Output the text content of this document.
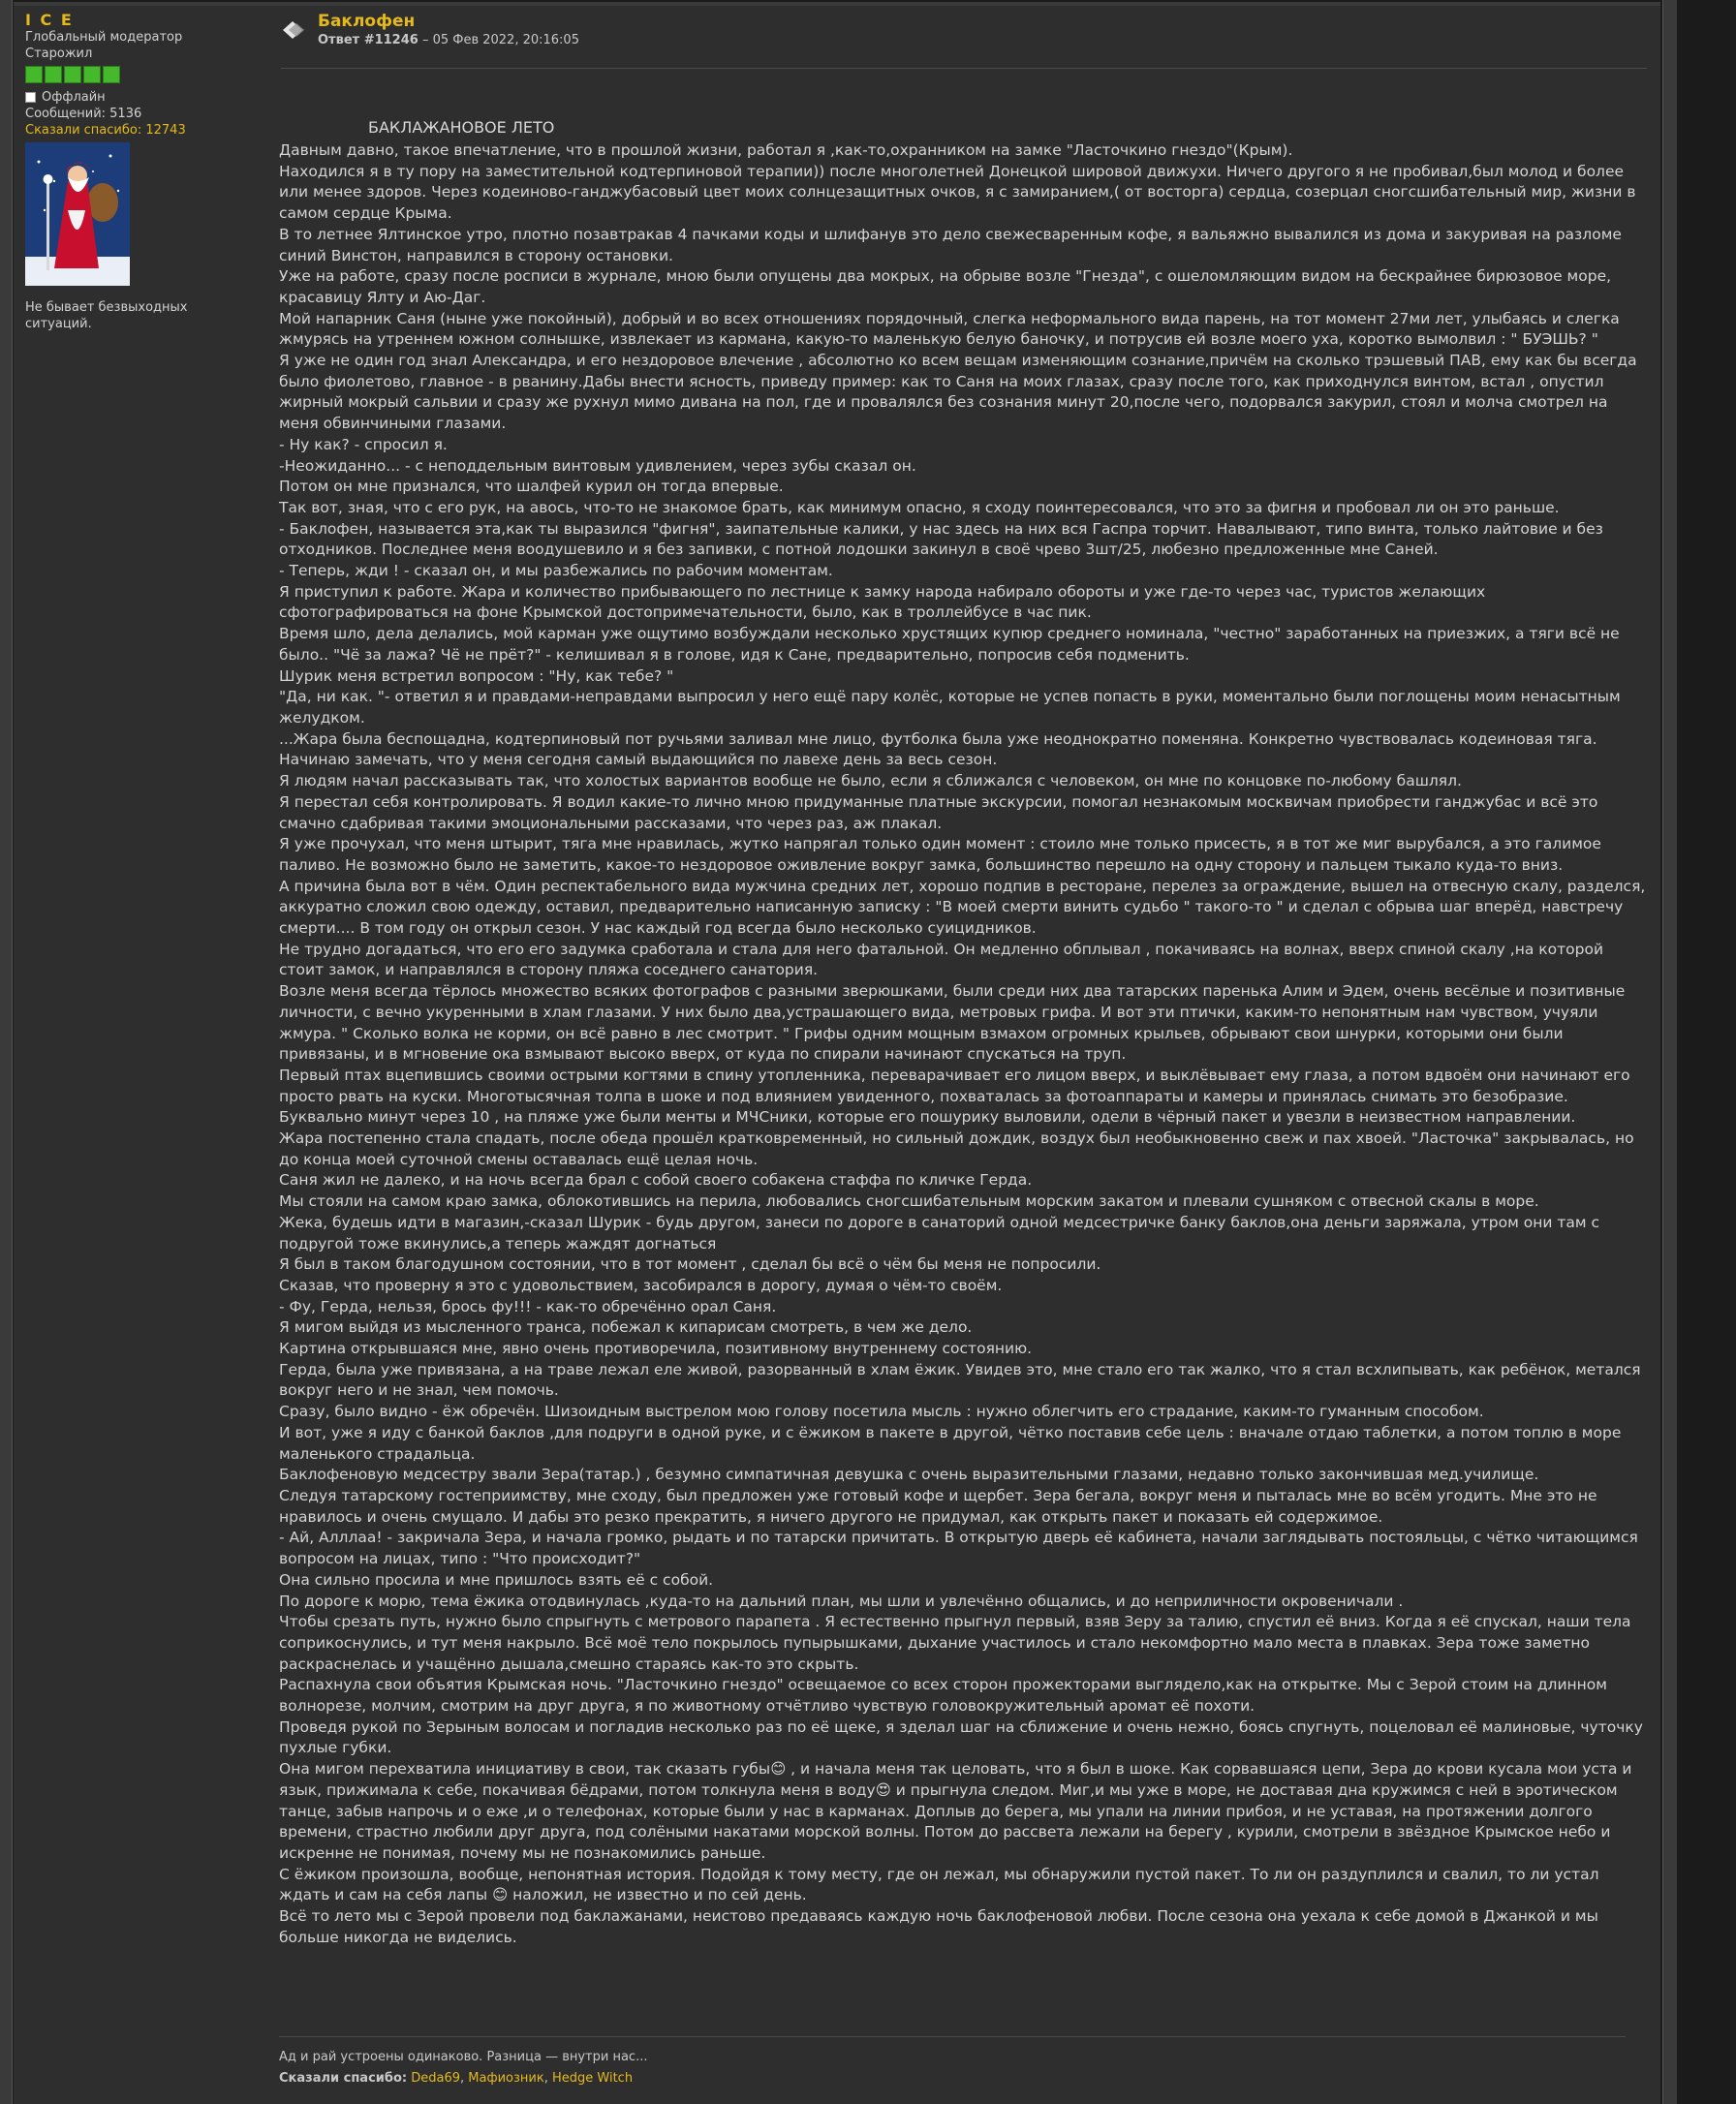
I C E
Глобальный модератор
Старожил
Оффлайн
Сообщений: 5136
Сказали спасибо: 12743
Не бывает безвыходных ситуаций.
Баклофен
Ответ #11246 – 05 Фев 2022, 20:16:05
БАКЛАЖАНОВОЕ ЛЕТО

Давным давно, такое впечатление, что в прошлой жизни, работал я ,как-то,охранником на замке "Ласточкино гнездо"(Крым).

Находился я в ту пору на заместительной кодтерпиновой терапии)) после многолетней Донецкой шировой движухи. Ничего другого я не пробивал,был молод и более или менее здоров. Через кодеиново-ганджубасовый цвет моих солнцезащитных очков, я с замиранием,( от восторга) сердца, созерцал сногсшибательный мир, жизни в самом сердце Крыма.

В то летнее Ялтинское утро, плотно позавтракав 4 пачками коды и шлифанув это дело свежесваренным кофе, я вальяжно вывалился из дома и закуривая на разломе синий Винстон, направился в сторону остановки.

Уже на работе, сразу после росписи в журнале, мною были опущены два мокрых, на обрыве возле "Гнезда", с ошеломляющим видом на бескрайнее бирюзовое море, красавицу Ялту и Аю-Даг.

Мой напарник Саня (ныне уже покойный), добрый и во всех отношениях порядочный, слегка неформального вида парень, на тот момент 27ми лет, улыбаясь и слегка жмурясь на утреннем южном солнышке, извлекает из кармана, какую-то маленькую белую баночку, и потрусив ей возле моего уха, коротко вымолвил : " БУЭШЬ? "

Я уже не один год знал Александра, и его нездоровое влечение , абсолютно ко всем вещам изменяющим сознание,причём на сколько трэшевый ПАВ, ему как бы всегда было фиолетово, главное - в рванину.Дабы внести ясность, приведу пример: как то Саня на моих глазах, сразу после того, как приходнулся винтом, встал , опустил жирный мокрый сальвии и сразу же рухнул мимо дивана на пол, где и провалялся без сознания минут 20,после чего, подорвался закурил, стоял и молча смотрел на меня обвинчиными глазами.

- Ну как? - спросил я.

-Неожиданно... - с неподдельным винтовым удивлением, через зубы сказал он.

Потом он мне признался, что шалфей курил он тогда впервые.

Так вот, зная, что с его рук, на авось, что-то не знакомое брать, как минимум опасно, я сходу поинтересовался, что это за фигня и пробовал ли он это раньше.

- Баклофен, называется эта,как ты выразился "фигня", заипательные калики, у нас здесь на них вся Гаспра торчит. Навалывают, типо винта, только лайтовие и без отходников. Последнее меня воодушевило и я без запивки, с потной лодошки закинул в своё чрево 3шт/25, любезно предложенные мне Саней.

- Теперь, жди ! - сказал он, и мы разбежались по рабочим моментам.

Я приступил к работе. Жара и количество прибывающего по лестнице к замку народа набирало обороты и уже где-то через час, туристов желающих сфотографироваться на фоне Крымской достопримечательности, было, как в троллейбусе в час пик.

Время шло, дела делались, мой карман уже ощутимо возбуждали несколько хрустящих купюр среднего номинала, "честно" заработанных на приезжих, а тяги всё не было.. "Чё за лажа? Чё не прёт?" - келишивал я в голове, идя к Сане, предварительно, попросив себя подменить.

Шурик меня встретил вопросом : "Ну, как тебе? "

"Да, ни как. "- ответил я и правдами-неправдами выпросил у него ещё пару колёс, которые не успев попасть в руки, моментально были поглощены моим ненасытным желудком.

...Жара была беспощадна, кодтерпиновый пот ручьями заливал мне лицо, футболка была уже неоднократно поменяна. Конкретно чувствовалась кодеиновая тяга.

Начинаю замечать, что у меня сегодня самый выдающийся по лавехе день за весь сезон.

Я людям начал рассказывать так, что холостых вариантов вообще не было, если я сближался с человеком, он мне по концовке по-любому башлял.

Я перестал себя контролировать. Я водил какие-то лично мною придуманные платные экскурсии, помогал незнакомым москвичам приобрести ганджубас и всё это смачно сдабривая такими эмоциональными рассказами, что через раз, аж плакал.

Я уже прочухал, что меня штырит, тяга мне нравилась, жутко напрягал только один момент : стоило мне только присесть, я в тот же миг вырубался, а это галимое паливо. Не возможно было не заметить, какое-то нездоровое оживление вокруг замка, большинство перешло на одну сторону и пальцем тыкало куда-то вниз.

А причина была вот в чём. Один респектабельного вида мужчина средних лет, хорошо подпив в ресторане, перелез за ограждение, вышел на отвесную скалу, разделся, аккуратно сложил свою одежду, оставил, предварительно написанную записку : "В моей смерти винить судьбо " такого-то " и сделал с обрыва шаг вперёд, навстречу смерти.... В том году он открыл сезон. У нас каждый год всегда было несколько суицидников.

Не трудно догадаться, что его его задумка сработала и стала для него фатальной. Он медленно обплывал , покачиваясь на волнах, вверх спиной скалу ,на которой стоит замок, и направлялся в сторону пляжа соседнего санатория.

Возле меня всегда тёрлось множество всяких фотографов с разными зверюшками, были среди них два татарских паренька Алим и Эдем, очень весёлые и позитивные личности, с вечно укуренными в хлам глазами. У них было два,устрашающего вида, метровых грифа. И вот эти птички, каким-то непонятным нам чувством, учуяли жмура. " Сколько волка не корми, он всё равно в лес смотрит. " Грифы одним мощным взмахом огромных крыльев, обрывают свои шнурки, которыми они были привязаны, и в мгновение ока взмывают высоко вверх, от куда по спирали начинают спускаться на труп.

Первый птах вцепившись своими острыми когтями в спину утопленника, переварачивает его лицом вверх, и выклёвывает ему глаза, а потом вдвоём они начинают его просто рвать на куски. Многотысячная толпа в шоке и под влиянием увиденного, похваталась за фотоаппараты и камеры и принялась снимать это безобразие. Буквально минут через 10 , на пляже уже были менты и МЧСники, которые его пошурику выловили, одели в чёрный пакет и увезли в неизвестном направлении.

Жара постепенно стала спадать, после обеда прошёл кратковременный, но сильный дождик, воздух был необыкновенно свеж и пах хвоей. "Ласточка" закрывалась, но до конца моей суточной смены оставалась ещё целая ночь.

Саня жил не далеко, и на ночь всегда брал с собой своего собакена стаффа по кличке Герда.

Мы стояли на самом краю замка, облокотившись на перила, любовались сногсшибательным морским закатом и плевали сушняком с отвесной скалы в море.

Жека, будешь идти в магазин,-сказал Шурик - будь другом, занеси по дороге в санаторий одной медсестричке банку баклов,она деньги заряжала, утром они там с подругой тоже вкинулись,а теперь жаждят догнаться

Я был в таком благодушном состоянии, что в тот момент , сделал бы всё о чём бы меня не попросили.

Сказав, что проверну я это с удовольствием, засобирался в дорогу, думая о чём-то своём.

- Фу, Герда, нельзя, брось фу!!! - как-то обречённо орал Саня.

Я мигом выйдя из мысленного транса, побежал к кипарисам смотреть, в чем же дело.

Картина открывшаяся мне, явно очень противоречила, позитивному внутреннему состоянию.

Герда, была уже привязана, а на траве лежал еле живой, разорванный в хлам ёжик. Увидев это, мне стало его так жалко, что я стал всхлипывать, как ребёнок, метался вокруг него и не знал, чем помочь.

Сразу, было видно - ёж обречён. Шизоидным выстрелом мою голову посетила мысль : нужно облегчить его страдание, каким-то гуманным способом.

И вот, уже я иду с банкой баклов ,для подруги в одной руке, и с ёжиком в пакете в другой, чётко поставив себе цель : вначале отдаю таблетки, а потом топлю в море маленького страдальца.

Баклофеновую медсестру звали Зера(татар.) , безумно симпатичная девушка с очень выразительными глазами, недавно только закончившая мед.училище.

Следуя татарскому гостеприимству, мне сходу, был предложен уже готовый кофе и щербет. Зера бегала, вокруг меня и пыталась мне во всём угодить. Мне это не нравилось и очень смущало. И дабы это резко прекратить, я ничего другого не придумал, как открыть пакет и показать ей содержимое.

- Ай, Алллаа! - закричала Зера, и начала громко, рыдать и по татарски причитать. В открытую дверь её кабинета, начали заглядывать постояльцы, с чётко читающимся вопросом на лицах, типо : "Что происходит?"

Она сильно просила и мне пришлось взять её с собой.

По дороге к морю, тема ёжика отодвинулась ,куда-то на дальний план, мы шли и увлечённо общались, и до неприличности окровеничали .

Чтобы срезать путь, нужно было спрыгнуть с метрового парапета . Я естественно прыгнул первый, взяв Зеру за талию, спустил её вниз. Когда я её спускал, наши тела соприкоснулись, и тут меня накрыло. Всё моё тело покрылось пупырышками, дыхание участилось и стало некомфортно мало места в плавках. Зера тоже заметно раскраснелась и учащённо дышала,смешно стараясь как-то это скрыть.

Распахнула свои объятия Крымская ночь. "Ласточкино гнездо" освещаемое со всех сторон прожекторами выглядело,как на открытке. Мы с Зерой стоим на длинном волнорезе, молчим, смотрим на друг друга, я по животному отчётливо чувствую головокружительный аромат её похоти.

Проведя рукой по Зерыным волосам и погладив несколько раз по её щеке, я зделал шаг на сближение и очень нежно, боясь спугнуть, поцеловал её малиновые, чуточку пухлые губки.

Она мигом перехватила инициативу в свои, так сказать губы😊 , и начала меня так целовать, что я был в шоке. Как сорвавшаяся цепи, Зера до крови кусала мои уста и язык, прижимала к себе, покачивая бёдрами, потом толкнула меня в воду😍 и прыгнула следом. Миг,и мы уже в море, не доставая дна кружимся с ней в эротическом танце, забыв напрочь и о еже ,и о телефонах, которые были у нас в карманах. Доплыв до берега, мы упали на линии прибоя, и не уставая, на протяжении долгого времени, страстно любили друг друга, под солёными накатами морской волны. Потом до рассвета лежали на берегу , курили, смотрели в звёздное Крымское небо и искренне не понимая, почему мы не познакомились раньше.

С ёжиком произошла, вообще, непонятная история. Подойдя к тому месту, где он лежал, мы обнаружили пустой пакет. То ли он раздуплился и свалил, то ли устал ждать и сам на себя лапы 😊 наложил, не известно и по сей день.

Всё то лето мы с Зерой провели под баклажанами, неистово предаваясь каждую ночь баклофеновой любви. После сезона она уехала к себе домой в Джанкой и мы больше никогда не виделись.

Ад и рай устроены одинаково. Разница — внутри нас...
Сказали спасибо: Deda69, Мафиозник, Hedge Witch
